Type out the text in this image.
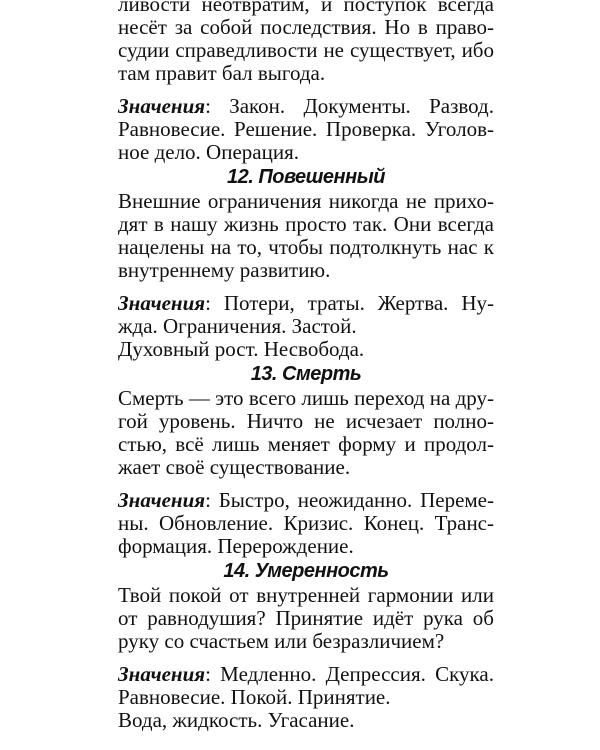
ливости неотвратим, и поступок всегда
несёт за собой последствия. Но в право-
судии справедливости не существует, ибо
там правит бал выгода.
Значения: Закон. Документы. Развод.
Равновесие. Решение. Проверка. Уголов-
ное дело. Операция.
12. Повешенный
Внешние ограничения никогда не прихо-
дят в нашу жизнь просто так. Они всегда
нацелены на то, чтобы подтолкнуть нас к
внутреннему развитию.
Значения: Потери, траты. Жертва. Ну-
жда. Ограничения. Застой.
Духовный рост. Несвобода.
13. Смерть
Смерть — это всего лишь переход на дру-
гой уровень. Ничто не исчезает полно-
стью, всё лишь меняет форму и продол-
жает своё существование.
Значения: Быстро, неожиданно. Переме-
ны. Обновление. Кризис. Конец. Транс-
формация. Перерождение.
14. Умеренность
Твой покой от внутренней гармонии или
от равнодушия? Принятие идёт рука об
руку со счастьем или безразличием?
Значения: Медленно. Депрессия. Скука.
Равновесие. Покой. Принятие.
Вода, жидкость. Угасание.
